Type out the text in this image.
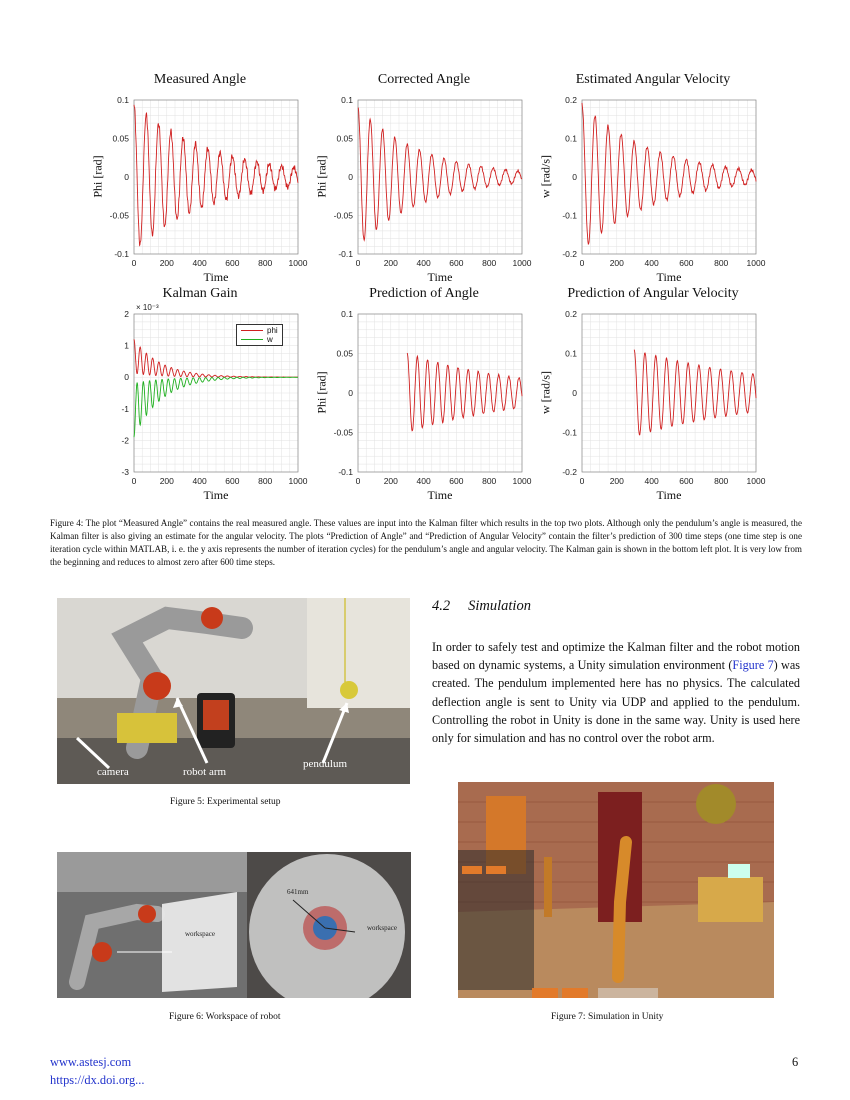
Measured Angle
0.1
0.05
0
-0.05
-0.1
0	200 400 600 800 1000
Time
Phi [rad]
Corrected Angle
0.1
0.05
0
-0.05
-0.1
0	200 400 600 800 1000
Time
Phi [rad]
Estimated Angular Velocity
0.2
0.1
0
-0.1
-0.2
0	200 400 600 800 1000
Time
w [rad/s]
Kalman Gain
2
1
0
-1
-2
-3
0	200 400 600 800 1000
× 10⁻³
phi
w
Time
Prediction of Angle
0.1
0.05
0
-0.05
-0.1
0	200 400 600 800 1000
Time
Phi [rad]
Prediction of Angular Velocity
0.2
0.1
0
-0.1
-0.2
0	200 400 600 800 1000
Time
w [rad/s]
Figure 4: The plot “Measured Angle” contains the real measured angle. These values are input into the Kalman filter which results in the top two plots. Although only the pendulum’s angle is measured, the Kalman filter is also giving an estimate for the angular velocity. The plots “Prediction of Angle” and “Prediction of Angular Velocity” contain the filter’s prediction of 300 time steps (one time step is one iteration cycle within MATLAB, i. e. the y axis represents the number of iteration cycles) for the pendulum’s angle and angular velocity. The Kalman gain is shown in the bottom left plot. It is very low from the beginning and reduces to almost zero after 600 time steps.
camera	robot arm
pendulum
Figure 5: Experimental setup
4.2 Simulation
In order to safely test and optimize the Kalman filter and the robot motion based on dynamic systems, a Unity simulation environment (Figure 7) was created. The pendulum implemented here has no physics. The calculated deflection angle is sent to Unity via UDP and applied to the pendulum. Controlling the robot in Unity is done in the same way. Unity is used here only for simulation and has no control over the robot arm.
workspace
workspace
641mm
Figure 6: Workspace of robot	Figure 7: Simulation in Unity
www.astesj.com
https://dx.doi.org...
6
